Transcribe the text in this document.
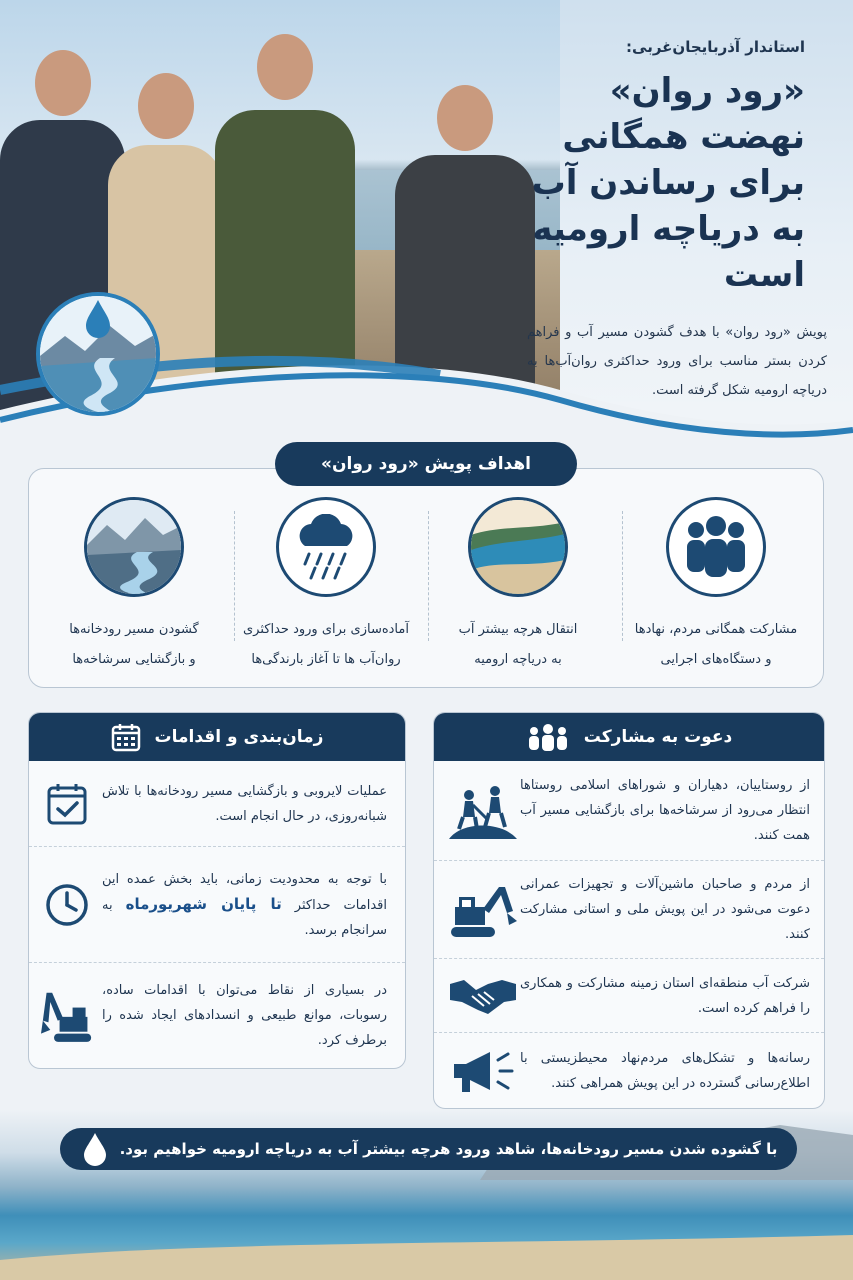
استاندار آذربایجان‌غربی:
«رود روان»
نهضت همگانی
برای رساندن آب
به دریاچه ارومیه است

پویش «رود روان» با هدف گشودن مسیر آب و فراهم کردن بستر مناسب برای ورود حداکثری روان‌آب‌ها به دریاچه ارومیه شکل گرفته است.

اهداف پویش «رود روان»
مشارکت همگانی مردم، نهادها
و دستگاه‌های اجرایی
انتقال هرچه بیشتر آب
به دریاچه ارومیه
آماده‌سازی برای ورود حداکثری
روان‌آب ها تا آغاز بارندگی‌ها
گشودن مسیر رودخانه‌ها
و بازگشایی سرشاخه‌ها
دعوت به مشارکت
از روستاییان، دهیاران و شوراهای اسلامی روستاها انتظار می‌رود از سرشاخه‌ها برای بازگشایی مسیر آب همت کنند.
از مردم و صاحبان ماشین‌آلات و تجهیزات عمرانی دعوت می‌شود در این پویش ملی و استانی مشارکت کنند.
شرکت آب منطقه‌ای استان زمینه مشارکت و همکاری را فراهم کرده است.
رسانه‌ها و تشکل‌های مردم‌نهاد محیطزیستی با اطلاع‌رسانی گسترده در این پویش همراهی کنند.
زمان‌بندی و اقدامات
عملیات لایروبی و بازگشایی مسیر رودخانه‌ها با تلاش شبانه‌روزی، در حال انجام است.
با توجه به محدودیت زمانی، باید بخش عمده این اقدامات حداکثر تا پایان شهریورماه به سرانجام برسد.
در بسیاری از نقاط می‌توان با اقدامات ساده، رسوبات، موانع طبیعی و انسدادهای ایجاد شده را برطرف کرد.
با گشوده شدن مسیر رودخانه‌ها، شاهد ورود هرچه بیشتر آب به دریاچه ارومیه خواهیم بود.
